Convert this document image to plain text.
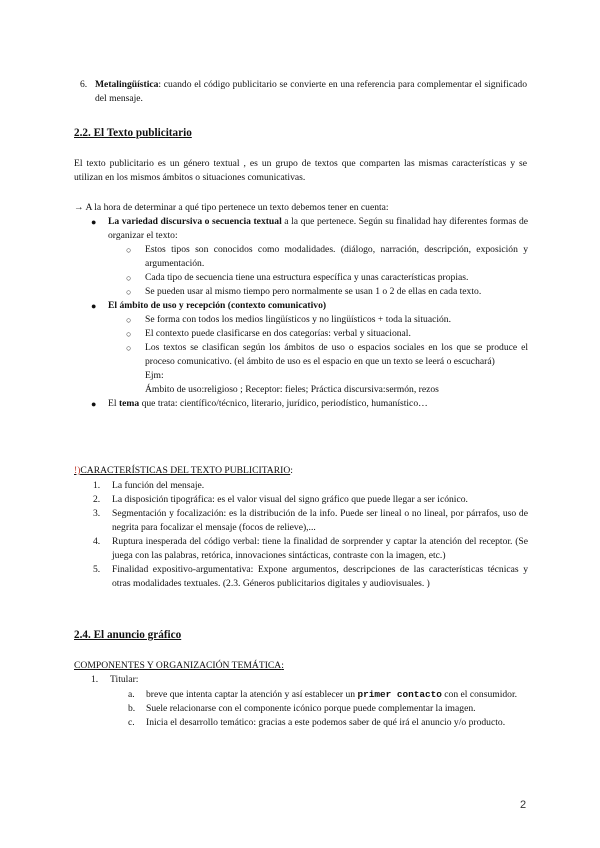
6. Metalingüística: cuando el código publicitario se convierte en una referencia para complementar el significado del mensaje.
2.2. El Texto publicitario
El texto publicitario es un género textual , es un grupo de textos que comparten las mismas características y se utilizan en los mismos ámbitos o situaciones comunicativas.
→ A la hora de determinar a qué tipo pertenece un texto debemos tener en cuenta:
● La variedad discursiva o secuencia textual a la que pertenece. Según su finalidad hay diferentes formas de organizar el texto:
○ Estos tipos son conocidos como modalidades. (diálogo, narración, descripción, exposición y argumentación.
○ Cada tipo de secuencia tiene una estructura específica y unas características propias.
○ Se pueden usar al mismo tiempo pero normalmente se usan 1 o 2 de ellas en cada texto.
● El ámbito de uso y recepción (contexto comunicativo)
○ Se forma con todos los medios lingüísticos y no lingüísticos + toda la situación.
○ El contexto puede clasificarse en dos categorías: verbal y situacional.
○ Los textos se clasifican según los ámbitos de uso o espacios sociales en los que se produce el proceso comunicativo. (el ámbito de uso es el espacio en que un texto se leerá o escuchará)
Ejm:
Ámbito de uso:religioso ; Receptor: fieles; Práctica discursiva:sermón, rezos
● El tema que trata: científico/técnico, literario, jurídico, periodístico, humanístico…
!)CARACTERÍSTICAS DEL TEXTO PUBLICITARIO:
1. La función del mensaje.
2. La disposición tipográfica: es el valor visual del signo gráfico que puede llegar a ser icónico.
3. Segmentación y focalización: es la distribución de la info. Puede ser lineal o no lineal, por párrafos, uso de negrita para focalizar el mensaje (focos de relieve),...
4. Ruptura inesperada del código verbal: tiene la finalidad de sorprender y captar la atención del receptor. (Se juega con las palabras, retórica, innovaciones sintácticas, contraste con la imagen, etc.)
5. Finalidad expositivo-argumentativa: Expone argumentos, descripciones de las características técnicas y otras modalidades textuales. (2.3. Géneros publicitarios digitales y audiovisuales. )
2.4. El anuncio gráfico
COMPONENTES Y ORGANIZACIÓN TEMÁTICA:
1. Titular:
a. breve que intenta captar la atención y así establecer un primer contacto con el consumidor.
b. Suele relacionarse con el componente icónico porque puede complementar la imagen.
c. Inicia el desarrollo temático: gracias a este podemos saber de qué irá el anuncio y/o producto.
2
